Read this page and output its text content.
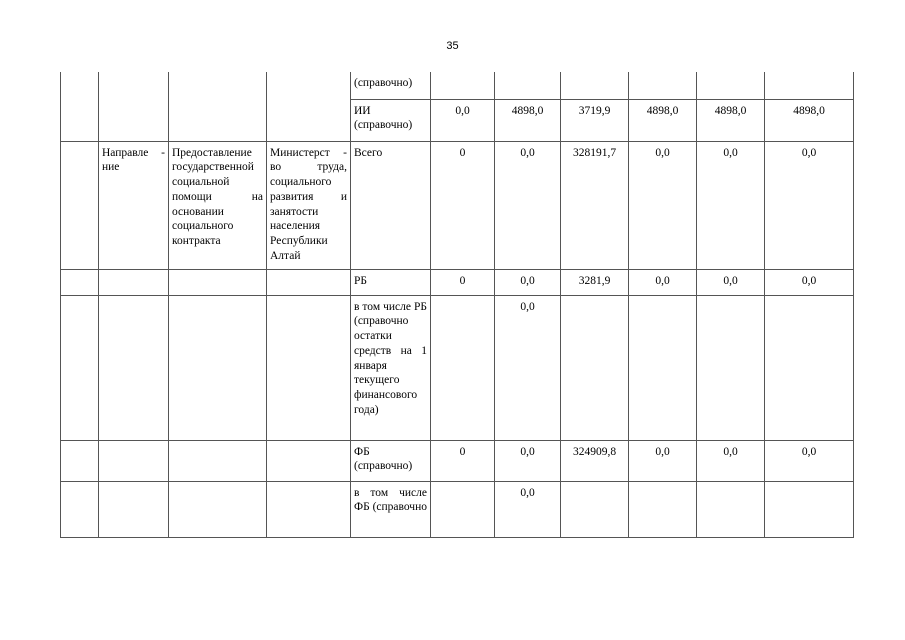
35
				(справочно)						
				ИИ (справочно)	0,0	4898,0	3719,9	4898,0	4898,0	4898,0
	Направле - ние	Предоставление государственной социальной помощи на основании социального контракта	Министерст - во труда, социального развития и занятости населения Республики Алтай	Всего	0	0,0	328191,7	0,0	0,0	0,0
				РБ	0	0,0	3281,9	0,0	0,0	0,0
				в том числе РБ (справочно остатки средств на 1 января текущего финансового года)		0,0				
				ФБ (справочно)	0	0,0	324909,8	0,0	0,0	0,0
				в том числе ФБ (справочно		0,0				
